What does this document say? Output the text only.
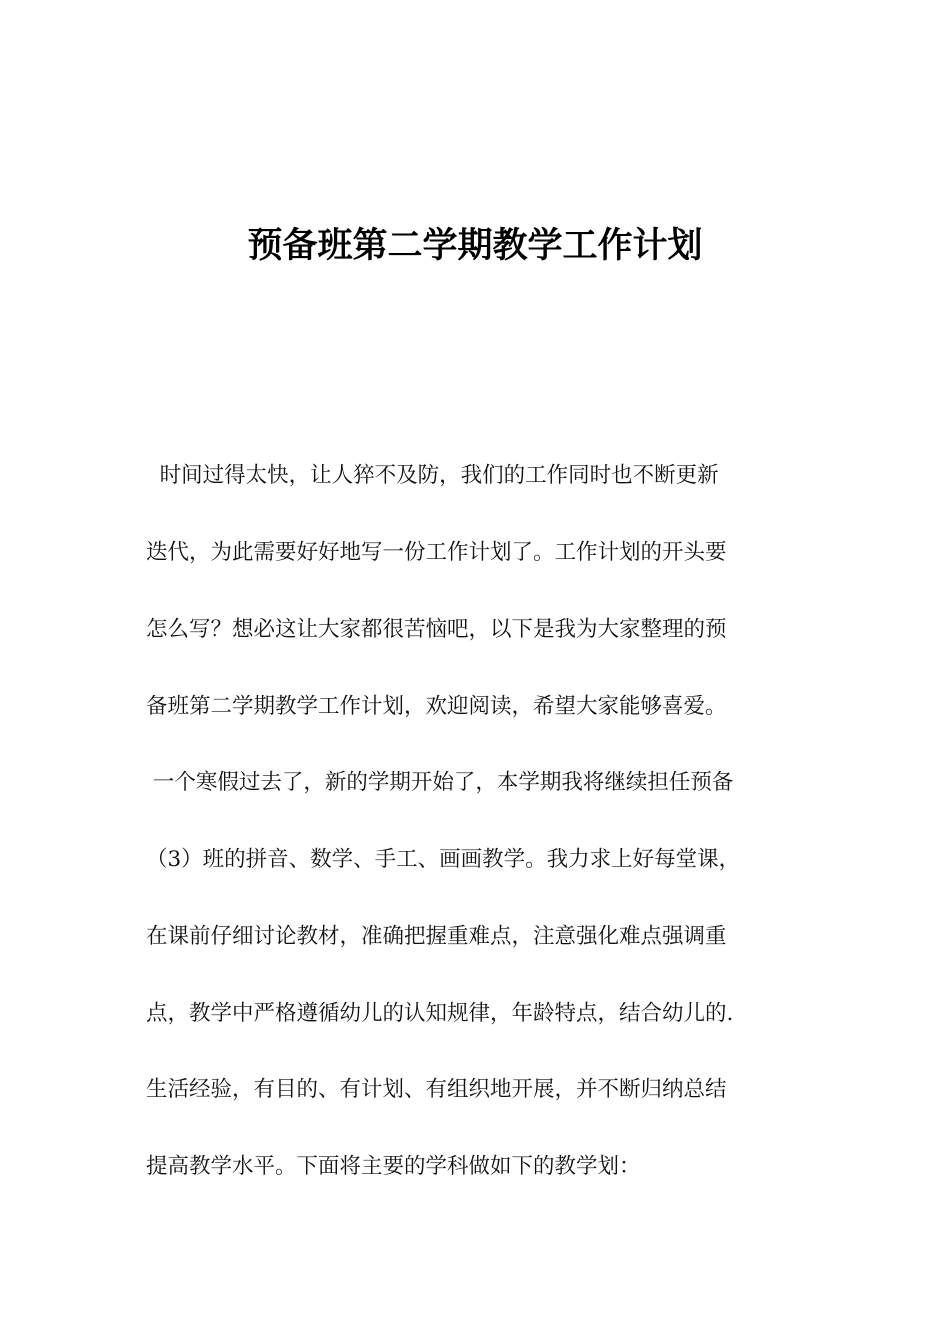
预备班第二学期教学工作计划
时间过得太快，让人猝不及防，我们的工作同时也不断更新
迭代，为此需要好好地写一份工作计划了。工作计划的开头要
怎么写？想必这让大家都很苦恼吧，以下是我为大家整理的预
备班第二学期教学工作计划，欢迎阅读，希望大家能够喜爱。
一个寒假过去了，新的学期开始了，本学期我将继续担任预备
（3）班的拼音、数学、手工、画画教学。我力求上好每堂课，
在课前仔细讨论教材，准确把握重难点，注意强化难点强调重
点，教学中严格遵循幼儿的认知规律，年龄特点，结合幼儿的.
生活经验，有目的、有计划、有组织地开展，并不断归纳总结
提高教学水平。下面将主要的学科做如下的教学划：
